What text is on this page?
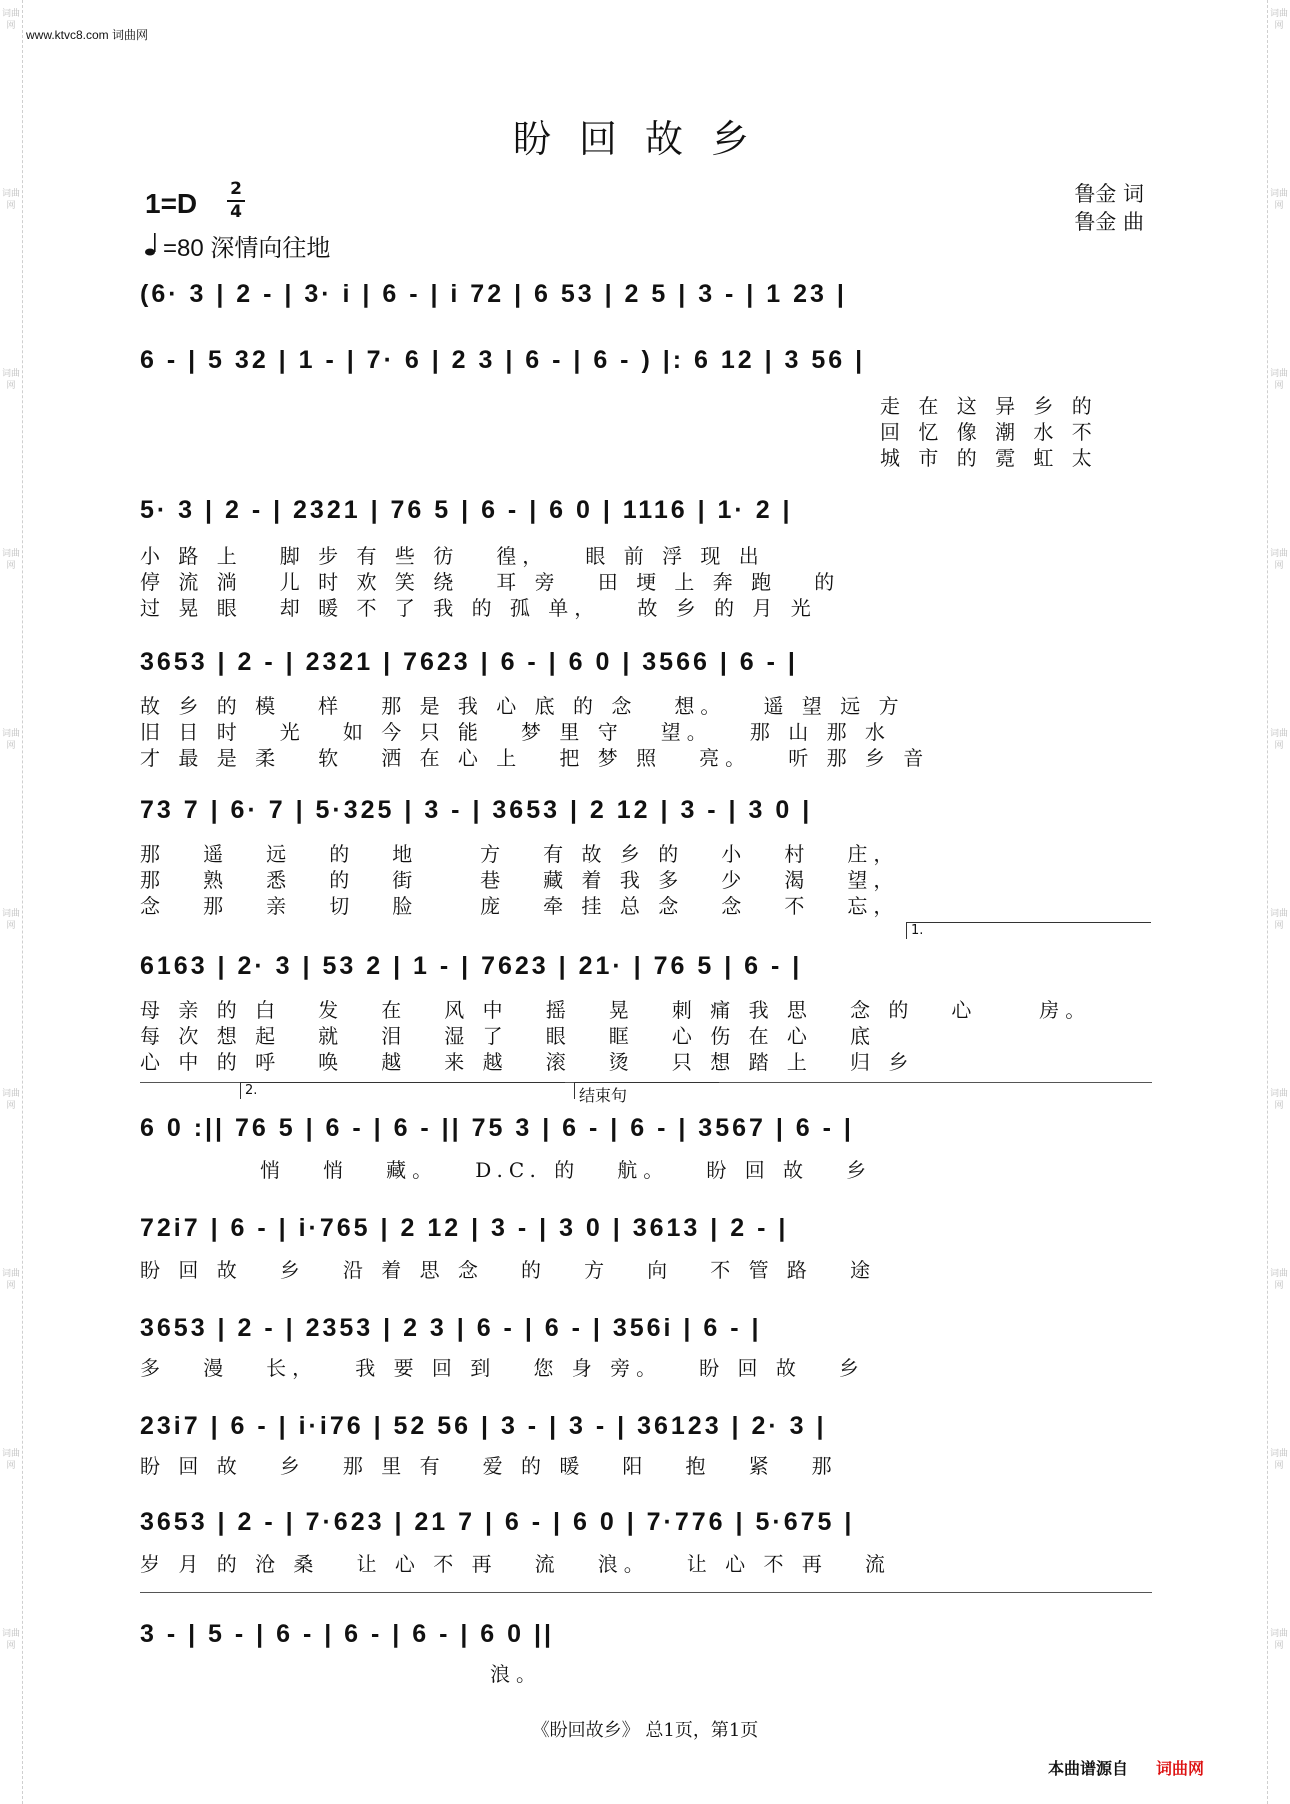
词曲网
词曲网
词曲网
词曲网
词曲网
词曲网
词曲网
词曲网
词曲网
词曲网
词曲网
词曲网
词曲网
词曲网
词曲网
词曲网
词曲网
词曲网
词曲网
词曲网
www.ktvc8.com 词曲网
盼回故乡
1=D 2
4
=80 深情向往地
鲁金 词
鲁金 曲
(6· 3 | 2 - | 3· i | 6 - | i 72 | 6 53 | 2 5 | 3 - | 1 23 |
6 - | 5 32 | 1 - | 7· 6 | 2 3 | 6 - | 6 - ) |: 6 12 | 3 56 |
走 在 这 异 乡 的
回 忆 像 潮 水 不
城 市 的 霓 虹 太
5· 3 | 2 - | 2321 | 76 5 | 6 - | 6 0 | 1116 | 1· 2 |
小 路 上   脚 步 有 些 彷   徨，   眼 前 浮 现 出
停 流 淌   儿 时 欢 笑 绕   耳 旁   田 埂 上 奔 跑   的
过 晃 眼   却 暖 不 了 我 的 孤 单，   故 乡 的 月 光
3653 | 2 - | 2321 | 7623 | 6 - | 6 0 | 3566 | 6 - |
故 乡 的 模   样   那 是 我 心 底 的 念   想。   遥 望 远 方
旧 日 时   光   如 今 只 能   梦 里 守   望。   那 山 那 水
才 最 是 柔   软   洒 在 心 上   把 梦 照   亮。   听 那 乡 音
73 7 | 6· 7 | 5·325 | 3 - | 3653 | 2 12 | 3 - | 3 0 |
那   遥   远   的   地     方   有 故 乡 的   小   村   庄，
那   熟   悉   的   街     巷   藏 着 我 多   少   渴   望，
念   那   亲   切   脸     庞   牵 挂 总 念   念   不   忘，
1.
6163 | 2· 3 | 53 2 | 1 - | 7623 | 21· | 76 5 | 6 - |
母 亲 的 白   发   在   风 中   摇   晃   刺 痛 我 思   念 的   心     房。
每 次 想 起   就   泪   湿 了   眼   眶   心 伤 在 心   底
心 中 的 呼   唤   越   来 越   滚   烫   只 想 踏 上   归 乡
2.	结束句
6 0 :|| 76 5 | 6 - | 6 - || 75 3 | 6 - | 6 - | 3567 | 6 - |
悄   悄   藏。   D.C. 的   航。   盼 回 故   乡
72i7 | 6 - | i·765 | 2 12 | 3 - | 3 0 | 3613 | 2 - |
盼 回 故   乡   沿 着 思 念   的   方   向   不 管 路   途
3653 | 2 - | 2353 | 2 3 | 6 - | 6 - | 356i | 6 - |
多   漫   长，   我 要 回 到   您 身 旁。   盼 回 故   乡
23i7 | 6 - | i·i76 | 52 56 | 3 - | 3 - | 36123 | 2· 3 |
盼 回 故   乡   那 里 有   爱 的 暖   阳   抱   紧   那
3653 | 2 - | 7·623 | 21 7 | 6 - | 6 0 | 7·776 | 5·675 |
岁 月 的 沧 桑   让 心 不 再   流   浪。   让 心 不 再   流
3 - | 5 - | 6 - | 6 - | 6 - | 6 0 ||
浪。
《盼回故乡》 总1页，第1页
本曲谱源自 词曲网
